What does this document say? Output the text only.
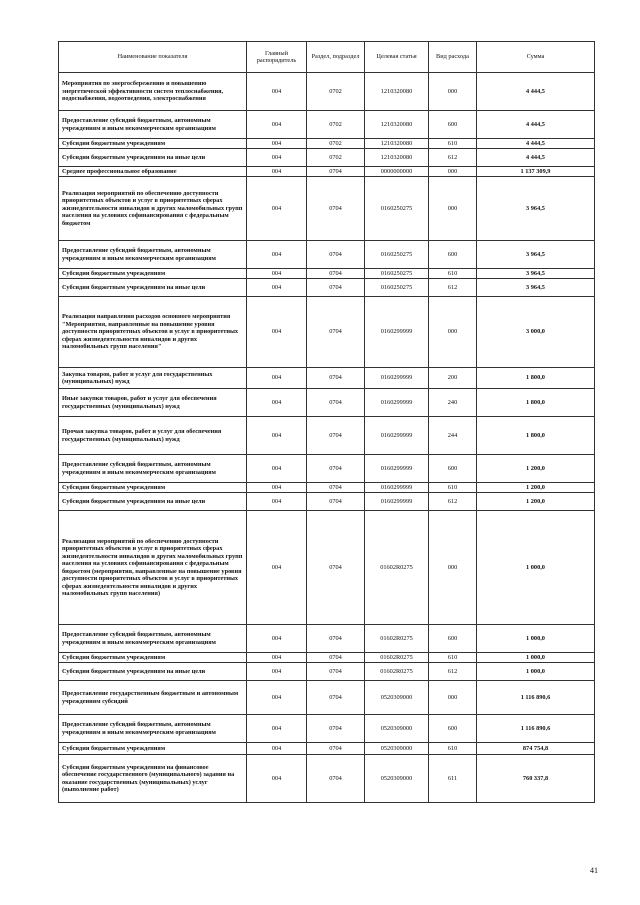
Наименование показателя	Главный распорядитель	Раздел, подраздел	Целевая статья	Вид расхода	Сумма
Мероприятия по энергосбережению и повышению энергетической эффективности систем теплоснабжения, водоснабжения, водоотведения, электроснабжения	004	0702	1210320080	000	4 444,5
Предоставление субсидий бюджетным, автономным учреждениям и иным некоммерческим организациям	004	0702	1210320080	600	4 444,5
Субсидии бюджетным учреждениям	004	0702	1210320080	610	4 444,5
Субсидии бюджетным учреждениям на иные цели	004	0702	1210320080	612	4 444,5
Среднее профессиональное образование	004	0704	0000000000	000	1 137 309,9
Реализация мероприятий по обеспечению доступности приоритетных объектов и услуг в приоритетных сферах жизнедеятельности инвалидов и других маломобильных групп населения на условиях софинансирования с федеральным бюджетом	004	0704	0160250275	000	3 964,5
Предоставление субсидий бюджетным, автономным учреждениям и иным некоммерческим организациям	004	0704	0160250275	600	3 964,5
Субсидии бюджетным учреждениям	004	0704	0160250275	610	3 964,5
Субсидии бюджетным учреждениям на иные цели	004	0704	0160250275	612	3 964,5
Реализация направления расходов основного мероприятия "Мероприятия, направленные на повышение уровня доступности приоритетных объектов и услуг в приоритетных сферах жизнедеятельности инвалидов и других маломобильных групп населения"	004	0704	0160299999	000	3 000,0
Закупка товаров, работ и услуг для государственных (муниципальных) нужд	004	0704	0160299999	200	1 800,0
Иные закупки товаров, работ и услуг для обеспечения государственных (муниципальных) нужд	004	0704	0160299999	240	1 800,0
Прочая закупка товаров, работ и услуг для обеспечения государственных (муниципальных) нужд	004	0704	0160299999	244	1 800,0
Предоставление субсидий бюджетным, автономным учреждениям и иным некоммерческим организациям	004	0704	0160299999	600	1 200,0
Субсидии бюджетным учреждениям	004	0704	0160299999	610	1 200,0
Субсидии бюджетным учреждениям на иные цели	004	0704	0160299999	612	1 200,0
Реализация мероприятий по обеспечению доступности приоритетных объектов и услуг в приоритетных сферах жизнедеятельности инвалидов и других маломобильных групп населения на условиях софинансирования с федеральным бюджетом (мероприятия, направленные на повышение уровня доступности приоритетных объектов и услуг в приоритетных сферах жизнедеятельности инвалидов и других маломобильных групп населения)	004	0704	01602R0275	000	1 000,0
Предоставление субсидий бюджетным, автономным учреждениям и иным некоммерческим организациям	004	0704	01602R0275	600	1 000,0
Субсидии бюджетным учреждениям	004	0704	01602R0275	610	1 000,0
Субсидии бюджетным учреждениям на иные цели	004	0704	01602R0275	612	1 000,0
Предоставление государственным бюджетным и автономным учреждениям субсидий	004	0704	0520309000	000	1 116 890,6
Предоставление субсидий бюджетным, автономным учреждениям и иным некоммерческим организациям	004	0704	0520309000	600	1 116 890,6
Субсидии бюджетным учреждениям	004	0704	0520309000	610	874 754,8
Субсидии бюджетным учреждениям на финансовое обеспечение государственного (муниципального) задания на оказание государственных (муниципальных) услуг (выполнение работ)	004	0704	0520309000	611	760 337,8
41
